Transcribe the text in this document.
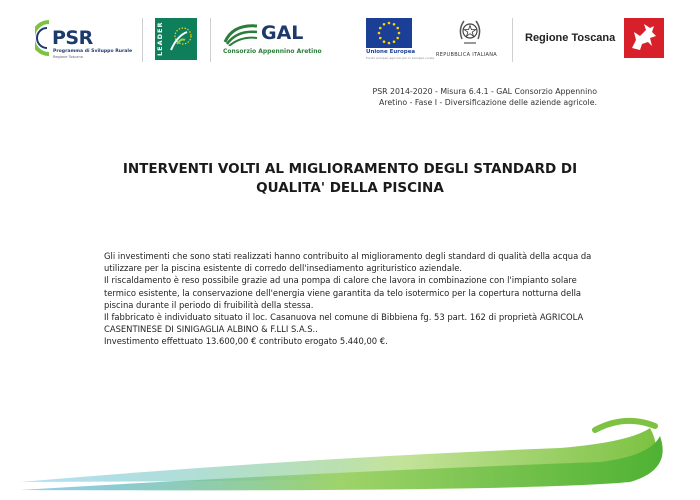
PSR
Programma di Sviluppo Rurale
Regione Toscana
LEADER	GAL
Consorzio Appennino Aretino	Unione Europea
Fondo europeo agricolo per lo sviluppo rurale REPUBBLICA ITALIANA
Regione Toscana
PSR 2014-2020 - Misura 6.4.1 - GAL Consorzio Appennino
Aretino - Fase I - Diversificazione delle aziende agricole.
INTERVENTI VOLTI AL MIGLIORAMENTO DEGLI STANDARD DI
QUALITA' DELLA PISCINA

Gli investimenti che sono stati realizzati hanno contribuito al miglioramento degli standard di qualità della acqua da utilizzare per la piscina esistente di corredo dell'insediamento agrituristico aziendale.

Il riscaldamento è reso possibile grazie ad una pompa di calore che lavora in combinazione con l'impianto solare termico esistente, la conservazione dell'energia viene garantita da telo isotermico per la copertura notturna della piscina durante il periodo di fruibilità della stessa.

Il fabbricato è individuato situato il loc. Casanuova nel comune di Bibbiena fg. 53 part. 162 di proprietà AGRICOLA CASENTINESE DI SINIGAGLIA ALBINO & F.LLI S.A.S..

Investimento effettuato 13.600,00 € contributo erogato 5.440,00 €.
